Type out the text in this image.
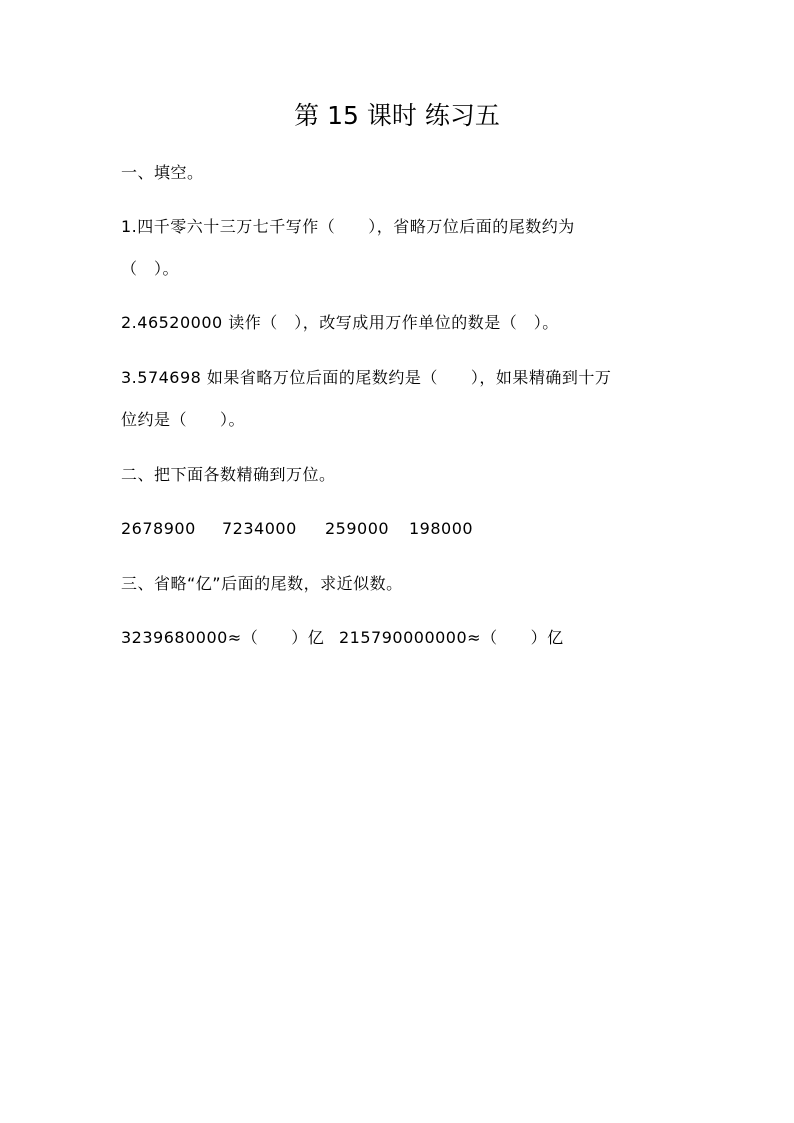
第 15 课时 练习五
一、填空。
1.四千零六十三万七千写作（　　），省略万位后面的尾数约为
（　）。
2.46520000 读作（　），改写成用万作单位的数是（　）。
3.574698 如果省略万位后面的尾数约是（　　），如果精确到十万
位约是（　　）。
二、把下面各数精确到万位。
2678900 7234000 259000 198000
三、省略“亿”后面的尾数，求近似数。
3239680000≈（　　）亿 215790000000≈（　　）亿
